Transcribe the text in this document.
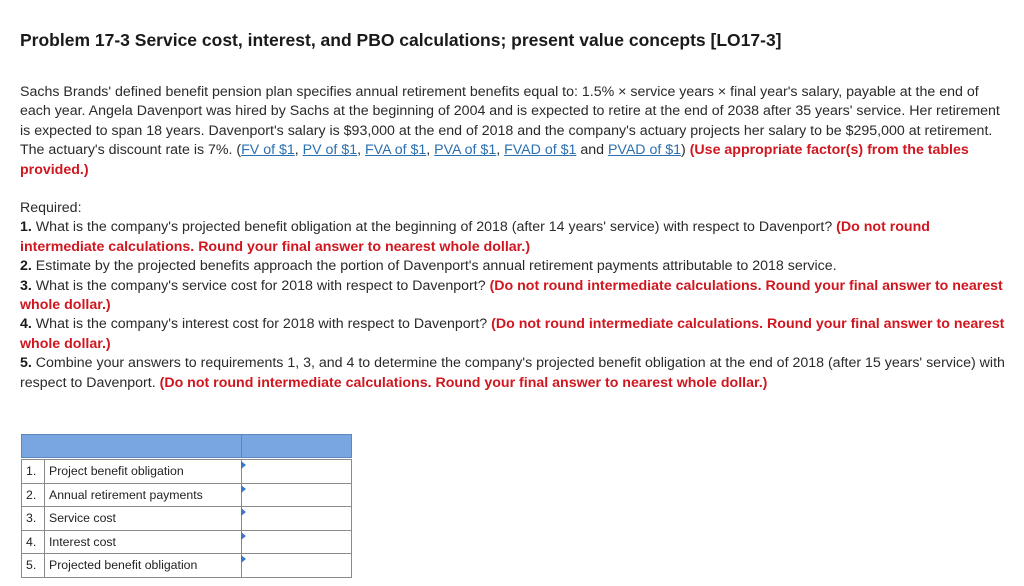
Problem 17-3 Service cost, interest, and PBO calculations; present value concepts [LO17-3]
Sachs Brands' defined benefit pension plan specifies annual retirement benefits equal to: 1.5% × service years × final year's salary, payable at the end of each year. Angela Davenport was hired by Sachs at the beginning of 2004 and is expected to retire at the end of 2038 after 35 years' service. Her retirement is expected to span 18 years. Davenport's salary is $93,000 at the end of 2018 and the company's actuary projects her salary to be $295,000 at retirement. The actuary's discount rate is 7%. (FV of $1, PV of $1, FVA of $1, PVA of $1, FVAD of $1 and PVAD of $1) (Use appropriate factor(s) from the tables provided.)
Required:
1. What is the company's projected benefit obligation at the beginning of 2018 (after 14 years' service) with respect to Davenport? (Do not round intermediate calculations. Round your final answer to nearest whole dollar.)
2. Estimate by the projected benefits approach the portion of Davenport's annual retirement payments attributable to 2018 service.
3. What is the company's service cost for 2018 with respect to Davenport? (Do not round intermediate calculations. Round your final answer to nearest whole dollar.)
4. What is the company's interest cost for 2018 with respect to Davenport? (Do not round intermediate calculations. Round your final answer to nearest whole dollar.)
5. Combine your answers to requirements 1, 3, and 4 to determine the company's projected benefit obligation at the end of 2018 (after 15 years' service) with respect to Davenport. (Do not round intermediate calculations. Round your final answer to nearest whole dollar.)

1.	Project benefit obligation	

2.	Annual retirement payments	

3.	Service cost	

4.	Interest cost	

5.	Projected benefit obligation	
